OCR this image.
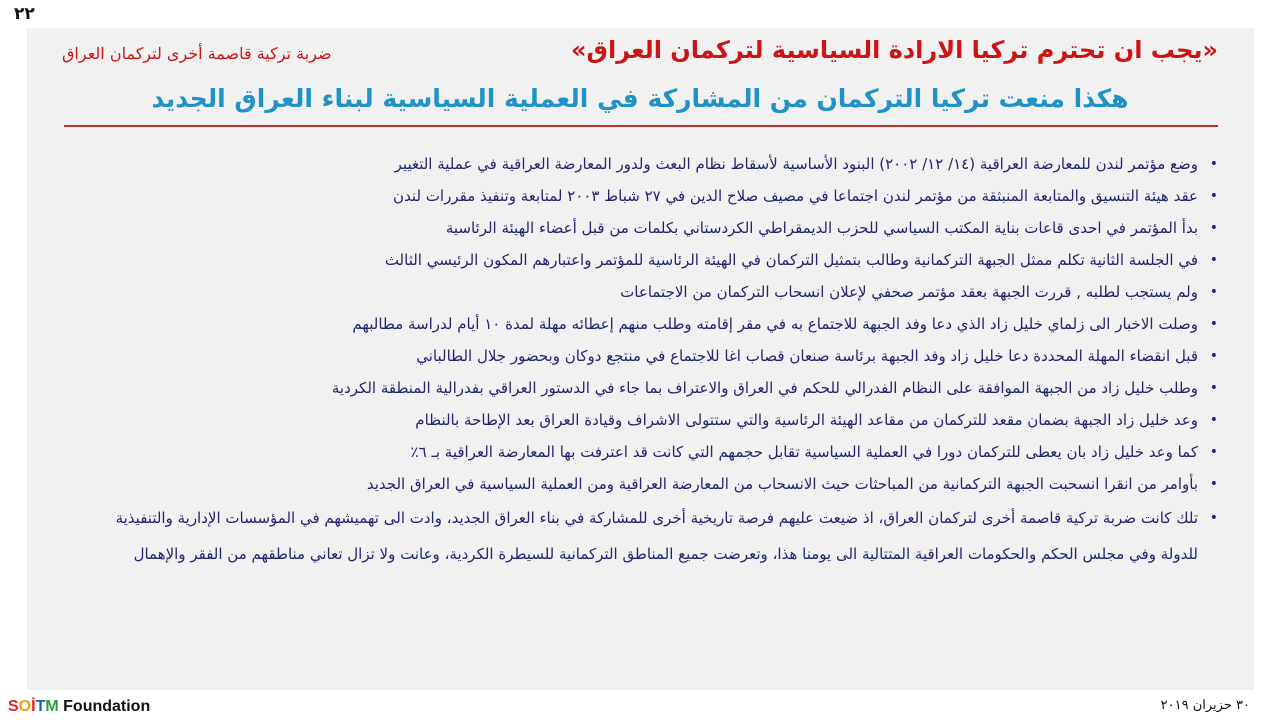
٢٢
ضربة تركية قاصمة أخرى لتركمان العراق	«يجب ان تحترم تركيا الارادة السياسية لتركمان العراق»
هكذا منعت تركيا التركمان من المشاركة في العملية السياسية لبناء العراق الجديد
•
وضع مؤتمر لندن للمعارضة العراقية (١٤/ ١٢/ ٢٠٠٢) البنود الأساسية لأسقاط نظام البعث ولدور المعارضة العراقية في عملية التغيير
•
عقد هيئة التنسيق والمتابعة المنبثقة من مؤتمر لندن اجتماعا في مصيف صلاح الدين في ٢٧ شباط ٢٠٠٣ لمتابعة وتنفيذ مقررات لندن
•
بدأ المؤتمر في احدى قاعات بناية المكتب السياسي للحزب الديمقراطي الكردستاني بكلمات من قبل أعضاء الهيئة الرئاسية
•
في الجلسة الثانية تكلم ممثل الجبهة التركمانية وطالب بتمثيل التركمان في الهيئة الرئاسية للمؤتمر واعتبارهم المكون الرئيسي الثالث
•
ولم يستجب لطلبه , قررت الجبهة بعقد مؤتمر صحفي لإعلان انسحاب التركمان من الاجتماعات
•
وصلت الاخبار الى زلماي خليل زاد الذي دعا وفد الجبهة للاجتماع به في مقر إقامته وطلب منهم إعطائه مهلة لمدة ١٠ أيام لدراسة مطالبهم
•
قبل انقضاء المهلة المحددة دعا خليل زاد وفد الجبهة برئاسة صنعان قصاب اغا للاجتماع في منتجع دوكان وبحضور جلال الطالباني
•
وطلب خليل زاد من الجبهة الموافقة على النظام الفدرالي للحكم في العراق والاعتراف بما جاء في الدستور العراقي بفدرالية المنطقة الكردية
•
وعد خليل زاد الجبهة بضمان مقعد للتركمان من مقاعد الهيئة الرئاسية والتي ستتولى الاشراف وقيادة العراق بعد الإطاحة بالنظام
•
كما وعد خليل زاد بان يعطى للتركمان دورا في العملية السياسية تقابل حجمهم التي كانت قد اعترفت بها المعارضة العراقية بـ ٦٪
•
بأوامر من انقرا انسحبت الجبهة التركمانية من المباحثات حيث الانسحاب من المعارضة العراقية ومن العملية السياسية في العراق الجديد
•
تلك كانت ضربة تركية قاصمة أخرى لتركمان العراق، اذ ضيعت عليهم فرصة تاريخية أخرى للمشاركة في بناء العراق الجديد، وادت الى تهميشهم في المؤسسات الإدارية والتنفيذية للدولة وفي مجلس الحكم والحكومات العراقية المتتالية الى يومنا هذا، وتعرضت جميع المناطق التركمانية للسيطرة الكردية، وعانت ولا تزال تعاني مناطقهم من الفقر والإهمال
SOİTM Foundation	٣٠ حزيران ٢٠١٩
